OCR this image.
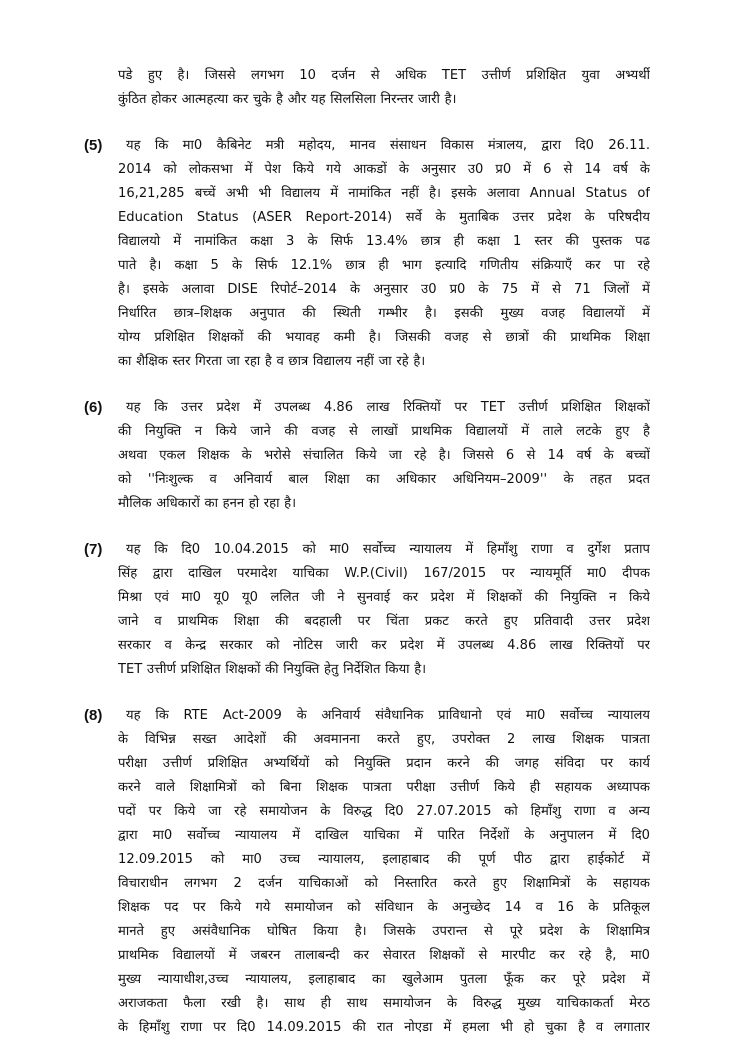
पडे हुए है। जिससे लगभग 10 दर्जन से अधिक TET उत्तीर्ण प्रशिक्षित युवा अभ्यर्थी
कुंठित होकर आत्महत्या कर चुके है और यह सिलसिला निरन्तर जारी है।
(5)	यह कि मा0 कैबिनेट मत्री महोदय, मानव संसाधन विकास मंत्रालय, द्वारा दि0 26.11.
2014 को लोकसभा में पेश किये गये आकडों के अनुसार उ0 प्र0 में 6 से 14 वर्ष के
16,21,285 बच्चें अभी भी विद्यालय में नामांकित नहीं है। इसके अलावा Annual Status of
Education Status (ASER Report-2014) सर्वे के मुताबिक उत्तर प्रदेश के परिषदीय
विद्यालयो में नामांकित कक्षा 3 के सिर्फ 13.4% छात्र ही कक्षा 1 स्तर की पुस्तक पढ
पाते है। कक्षा 5 के सिर्फ 12.1% छात्र ही भाग इत्यादि गणितीय संक्रियाएँ कर पा रहे
है। इसके अलावा DISE रिपोर्ट–2014 के अनुसार उ0 प्र0 के 75 में से 71 जिलों में
निर्धारित छात्र–शिक्षक अनुपात की स्थिती गम्भीर है। इसकी मुख्य वजह विद्यालयों में
योग्य प्रशिक्षित शिक्षकों की भयावह कमी है। जिसकी वजह से छात्रों की प्राथमिक शिक्षा
का शैक्षिक स्तर गिरता जा रहा है व छात्र विद्यालय नहीं जा रहे है।
(6)	यह कि उत्तर प्रदेश में उपलब्ध 4.86 लाख रिक्तियों पर TET उत्तीर्ण प्रशिक्षित शिक्षकों
की नियुक्ति न किये जाने की वजह से लाखों प्राथमिक विद्यालयों में ताले लटके हुए है
अथवा एकल शिक्षक के भरोसे संचालित किये जा रहे है। जिससे 6 से 14 वर्ष के बच्चों
को ''निःशुल्क व अनिवार्य बाल शिक्षा का अधिकार अधिनियम–2009'' के तहत प्रदत
मौलिक अधिकारों का हनन हो रहा है।
(7)	यह कि दि0 10.04.2015 को मा0 सर्वोच्च न्यायालय में हिमाँशु राणा व दुर्गेश प्रताप
सिंह द्वारा दाखिल परमादेश याचिका W.P.(Civil) 167/2015 पर न्यायमूर्ति मा0 दीपक
मिश्रा एवं मा0 यू0 यू0 ललित जी ने सुनवाई कर प्रदेश में शिक्षकों की नियुक्ति न किये
जाने व प्राथमिक शिक्षा की बदहाली पर चिंता प्रकट करते हुए प्रतिवादी उत्तर प्रदेश
सरकार व केन्द्र सरकार को नोटिस जारी कर प्रदेश में उपलब्ध 4.86 लाख रिक्तियों पर
TET उत्तीर्ण प्रशिक्षित शिक्षकों की नियुक्ति हेतु निर्देशित किया है।
(8)	यह कि RTE Act-2009 के अनिवार्य संवैधानिक प्राविधानो एवं मा0 सर्वोच्च न्यायालय
के विभिन्न सख्त आदेशों की अवमानना करते हुए, उपरोक्त 2 लाख शिक्षक पात्रता
परीक्षा उत्तीर्ण प्रशिक्षित अभ्यर्थियों को नियुक्ति प्रदान करने की जगह संविदा पर कार्य
करने वाले शिक्षामित्रों को बिना शिक्षक पात्रता परीक्षा उत्तीर्ण किये ही सहायक अध्यापक
पदों पर किये जा रहे समायोजन के विरुद्ध दि0 27.07.2015 को हिमाँशु राणा व अन्य
द्वारा मा0 सर्वोच्च न्यायालय में दाखिल याचिका में पारित निर्देशों के अनुपालन में दि0
12.09.2015 को मा0 उच्च न्यायालय, इलाहाबाद की पूर्ण पीठ द्वारा हाईकोर्ट में
विचाराधीन लगभग 2 दर्जन याचिकाओं को निस्तारित करते हुए शिक्षामित्रों के सहायक
शिक्षक पद पर किये गये समायोजन को संविधान के अनुच्छेद 14 व 16 के प्रतिकूल
मानते हुए असंवैधानिक घोषित किया है। जिसके उपरान्त से पूरे प्रदेश के शिक्षामित्र
प्राथमिक विद्यालयों में जबरन तालाबन्दी कर सेवारत शिक्षकों से मारपीट कर रहे है, मा0
मुख्य न्यायाधीश,उच्च न्यायालय, इलाहाबाद का खुलेआम पुतला फूँक कर पूरे प्रदेश में
अराजकता फैला रखी है। साथ ही साथ समायोजन के विरुद्ध मुख्य याचिकाकर्ता मेरठ
के हिमाँशु राणा पर दि0 14.09.2015 की रात नोएडा में हमला भी हो चुका है व लगातार
